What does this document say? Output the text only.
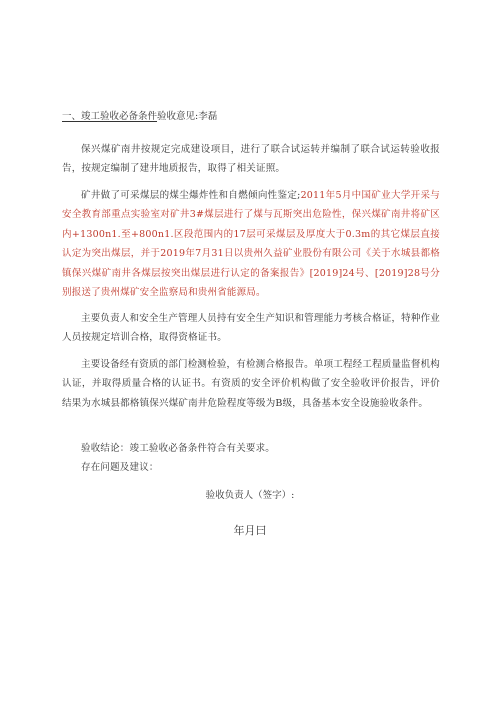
一、竣工验收必备条件验收意见:李磊

保兴煤矿南井按规定完成建设项目，进行了联合试运转并编制了联合试运转验收报告，按规定编制了建井地质报告，取得了相关证照。

矿井做了可采煤层的煤尘爆炸性和自燃倾向性鉴定;2011年5月中国矿业大学开采与安全教育部重点实验室对矿井3#煤层进行了煤与瓦斯突出危险性，保兴煤矿南井将矿区内+1300n1.至+800n1.区段范围内的17层可采煤层及厚度大于0.3m的其它煤层直接认定为突出煤层，并于2019年7月31日以贵州久益矿业股份有限公司《关于水城县都格镇保兴煤矿南井各煤层按突出煤层进行认定的备案报告》[2019]24号、[2019]28号分别报送了贵州煤矿安全监察局和贵州省能源局。

主要负责人和安全生产管理人员持有安全生产知识和管理能力考核合格证，特种作业人员按规定培训合格，取得资格证书。

主要设备经有资质的部门检测检验，有检测合格报告。单项工程经工程质量监督机构认证，并取得质量合格的认证书。有资质的安全评价机构做了安全验收评价报告，评价结果为水城县都格镇保兴煤矿南井危险程度等级为B级，具备基本安全设施验收条件。

验收结论：竣工验收必备条件符合有关要求。

存在问题及建议：

验收负责人（签字）:
年月曰
